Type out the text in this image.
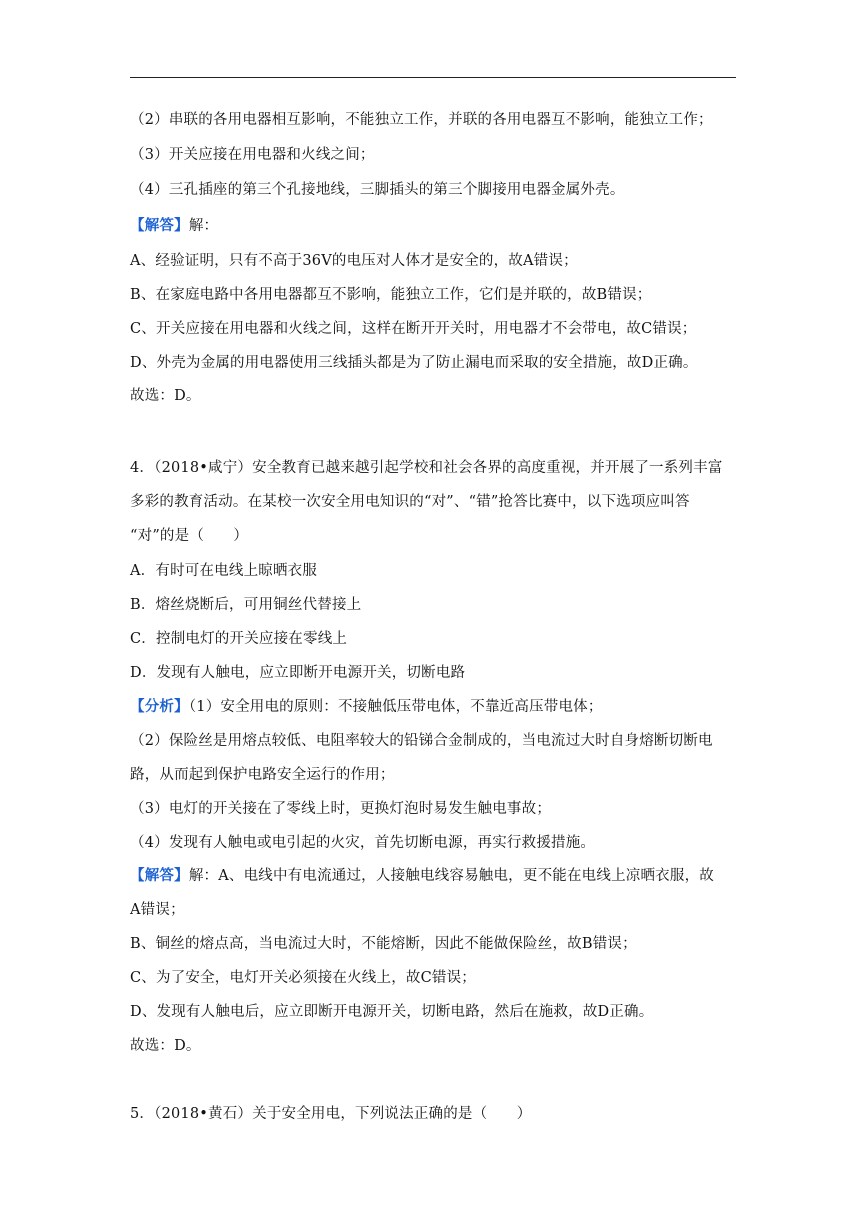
（2）串联的各用电器相互影响，不能独立工作，并联的各用电器互不影响，能独立工作；
（3）开关应接在用电器和火线之间；
（4）三孔插座的第三个孔接地线，三脚插头的第三个脚接用电器金属外壳。
【解答】解：
A、经验证明，只有不高于36V的电压对人体才是安全的，故A错误；
B、在家庭电路中各用电器都互不影响，能独立工作，它们是并联的，故B错误；
C、开关应接在用电器和火线之间，这样在断开开关时，用电器才不会带电，故C错误；
D、外壳为金属的用电器使用三线插头都是为了防止漏电而采取的安全措施，故D正确。
故选：D。
4．（2018•咸宁）安全教育已越来越引起学校和社会各界的高度重视，并开展了一系列丰富
多彩的教育活动。在某校一次安全用电知识的“对”、“错”抢答比赛中，以下选项应叫答
“对”的是（　　）
A．有时可在电线上晾晒衣服
B．熔丝烧断后，可用铜丝代替接上
C．控制电灯的开关应接在零线上
D．发现有人触电，应立即断开电源开关，切断电路
【分析】（1）安全用电的原则：不接触低压带电体，不靠近高压带电体；
（2）保险丝是用熔点较低、电阻率较大的铅锑合金制成的，当电流过大时自身熔断切断电
路，从而起到保护电路安全运行的作用；
（3）电灯的开关接在了零线上时，更换灯泡时易发生触电事故；
（4）发现有人触电或电引起的火灾，首先切断电源，再实行救援措施。
【解答】解：A、电线中有电流通过，人接触电线容易触电，更不能在电线上凉晒衣服，故
A错误；
B、铜丝的熔点高，当电流过大时，不能熔断，因此不能做保险丝，故B错误；
C、为了安全，电灯开关必须接在火线上，故C错误；
D、发现有人触电后，应立即断开电源开关，切断电路，然后在施救，故D正确。
故选：D。
5．（2018•黄石）关于安全用电，下列说法正确的是（　　）
